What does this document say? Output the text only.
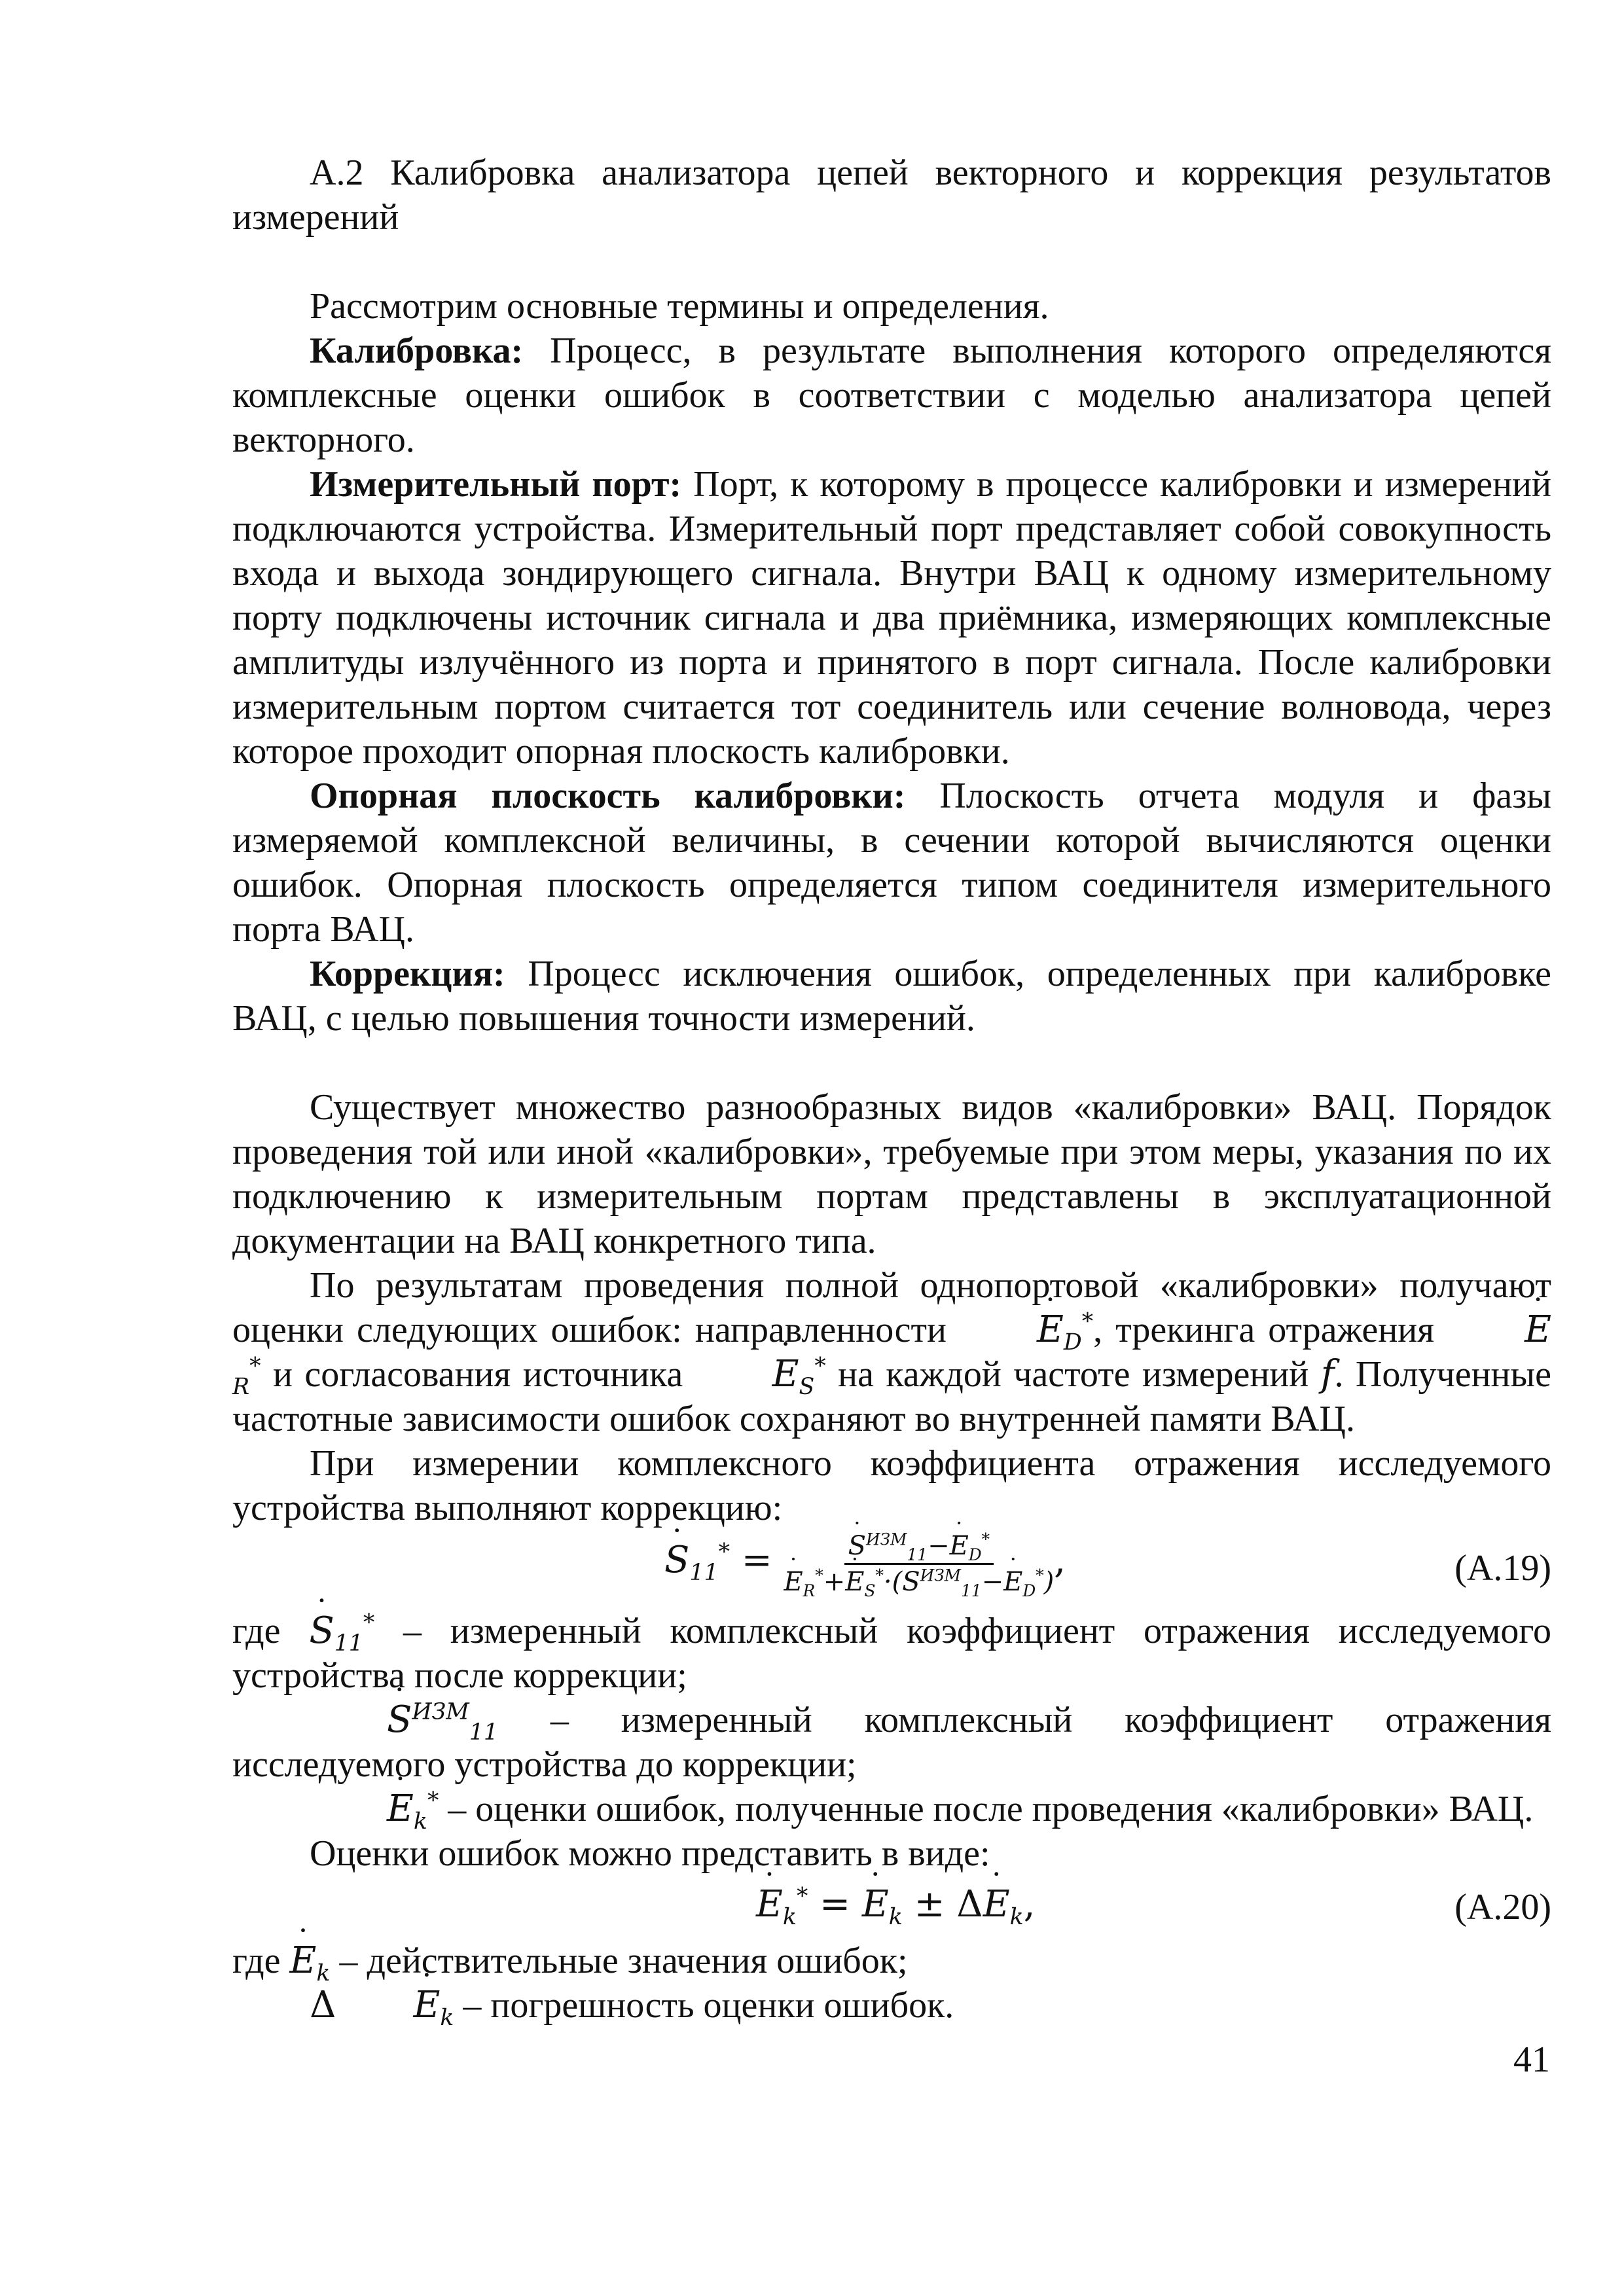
А.2 Калибровка анализатора цепей векторного и коррекция результатов измерений

Рассмотрим основные термины и определения.

Калибровка: Процесс, в результате выполнения которого определяются комплексные оценки ошибок в соответствии с моделью анализатора цепей векторного.

Измерительный порт: Порт, к которому в процессе калибровки и измерений подключаются устройства. Измерительный порт представляет собой совокупность входа и выхода зондирующего сигнала. Внутри ВАЦ к одному измерительному порту подключены источник сигнала и два приёмника, измеряющих комплексные амплитуды излучённого из порта и принятого в порт сигнала. После калибровки измерительным портом считается тот соединитель или сечение волновода, через которое проходит опорная плоскость калибровки.

Опорная плоскость калибровки: Плоскость отчета модуля и фазы измеряемой комплексной величины, в сечении которой вычисляются оценки ошибок. Опорная плоскость определяется типом соединителя измерительного порта ВАЦ.

Коррекция: Процесс исключения ошибок, определенных при калибровке ВАЦ, с целью повышения точности измерений.

Существует множество разнообразных видов «калибровки» ВАЦ. Порядок проведения той или иной «калибровки», требуемые при этом меры, указания по их подключению к измерительным портам представлены в эксплуатационной документации на ВАЦ конкретного типа.

По результатам проведения полной однопортовой «калибровки» получают оценки следующих ошибок: направленности ˙ $E_D^*$, трекинга отражения ˙ $E_R^*$ и согласования источника ˙ $E_S^*$ на каждой частоте измерений f. Полученные частотные зависимости ошибок сохраняют во внутренней памяти ВАЦ.

При измерении комплексного коэффициента отражения исследуемого устройства выполняют коррекцию:

˙ $S_{11}^*$ = ˙ $S^{ИЗМ}_{11}-˙$ $E_D^*$
˙ $E_R^*+˙$ $E_S^*\cdot(˙$ $S^{ИЗМ}_{11}-˙$ $E_D^*$) ,	(А.19)

где ˙ $S_{11}^*$ – измеренный комплексный коэффициент отражения исследуемого устройства после коррекции;

˙ $S^{ИЗМ}_{11}$ – измеренный комплексный коэффициент отражения исследуемого устройства до коррекции;

˙ $E_k^*$ – оценки ошибок, полученные после проведения «калибровки» ВАЦ.

Оценки ошибок можно представить в виде:

˙ $E_k^*$ = ˙ $E_k$ ± Δ˙ $E_k$,	(А.20)

где ˙ $E_k$ – действительные значения ошибок;

Δ ˙ $E_k$ – погрешность оценки ошибок.

41
